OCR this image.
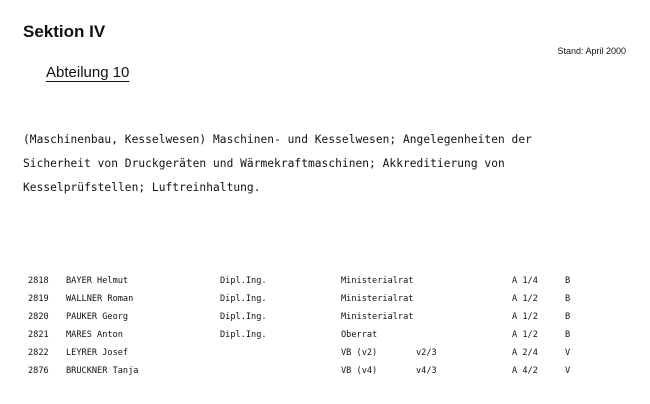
Sektion IV
Stand: April 2000
Abteilung 10

(Maschinenbau, Kesselwesen) Maschinen- und Kesselwesen; Angelegenheiten der

Sicherheit von Druckgeräten und Wärmekraftmaschinen; Akkreditierung von

Kesselprüfstellen; Luftreinhaltung.

2818 BAYER Helmut	Dipl.Ing.	Ministerialrat	A 1/4	B
2819 WALLNER Roman	Dipl.Ing.	Ministerialrat	A 1/2	B
2820 PAUKER Georg	Dipl.Ing.	Ministerialrat	A 1/2	B
2821 MARES Anton	Dipl.Ing.	Oberrat	A 1/2	B
2822 LEYRER Josef	VB (v2)	v2/3	A 2/4	V
2876 BRUCKNER Tanja	VB (v4)	v4/3	A 4/2	V
